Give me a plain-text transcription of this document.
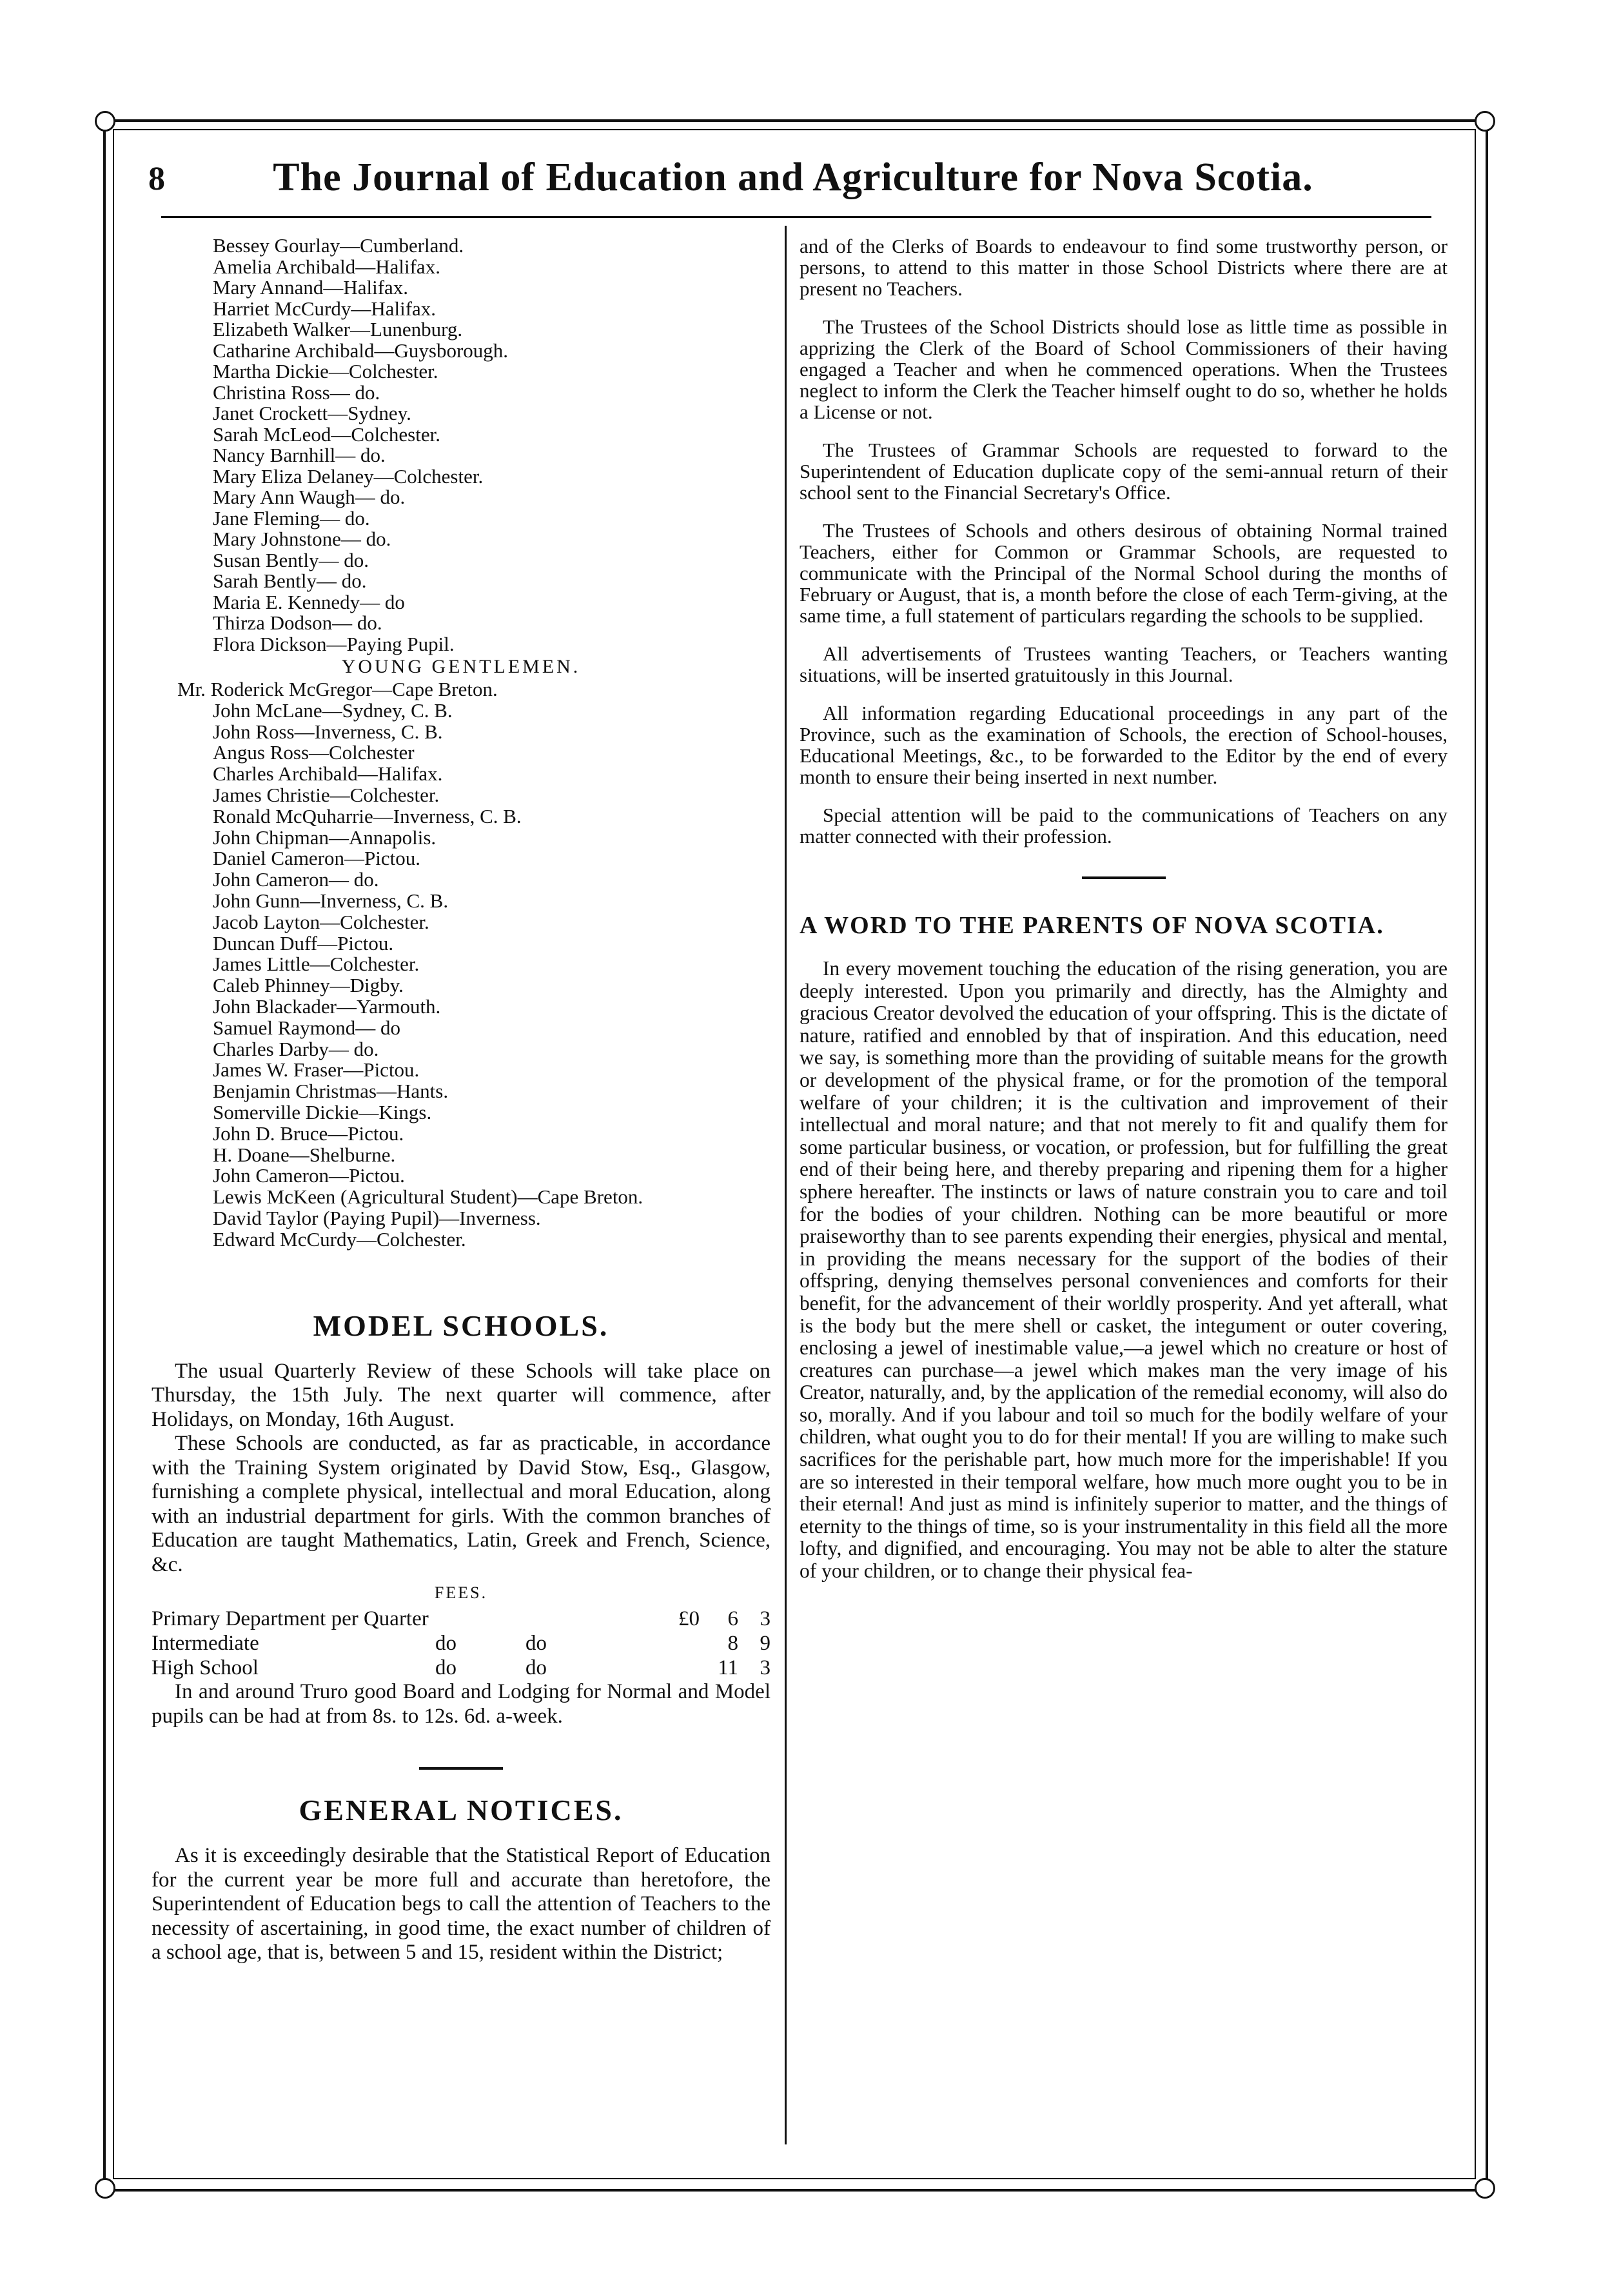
8	The Journal of Education and Agriculture for Nova Scotia.
Bessey Gourlay—Cumberland.
Amelia Archibald—Halifax.
Mary Annand—Halifax.
Harriet McCurdy—Halifax.
Elizabeth Walker—Lunenburg.
Catharine Archibald—Guysborough.
Martha Dickie—Colchester.
Christina Ross— do.
Janet Crockett—Sydney.
Sarah McLeod—Colchester.
Nancy Barnhill— do.
Mary Eliza Delaney—Colchester.
Mary Ann Waugh— do.
Jane Fleming— do.
Mary Johnstone— do.
Susan Bently— do.
Sarah Bently— do.
Maria E. Kennedy— do
Thirza Dodson— do.
Flora Dickson—Paying Pupil.
YOUNG GENTLEMEN.
Mr. Roderick McGregor—Cape Breton.
John McLane—Sydney, C. B.
John Ross—Inverness, C. B.
Angus Ross—Colchester
Charles Archibald—Halifax.
James Christie—Colchester.
Ronald McQuharrie—Inverness, C. B.
John Chipman—Annapolis.
Daniel Cameron—Pictou.
John Cameron— do.
John Gunn—Inverness, C. B.
Jacob Layton—Colchester.
Duncan Duff—Pictou.
James Little—Colchester.
Caleb Phinney—Digby.
John Blackader—Yarmouth.
Samuel Raymond— do
Charles Darby— do.
James W. Fraser—Pictou.
Benjamin Christmas—Hants.
Somerville Dickie—Kings.
John D. Bruce—Pictou.
H. Doane—Shelburne.
John Cameron—Pictou.
Lewis McKeen (Agricultural Student)—Cape Breton.
David Taylor (Paying Pupil)—Inverness.
Edward McCurdy—Colchester.
MODEL SCHOOLS.

The usual Quarterly Review of these Schools will take place on Thursday, the 15th July. The next quarter will commence, after Holidays, on Monday, 16th August.

These Schools are conducted, as far as practicable, in accordance with the Training System originated by David Stow, Esq., Glasgow, furnishing a complete physical, intellectual and moral Education, along with an industrial department for girls. With the common branches of Education are taught Mathematics, Latin, Greek and French, Science, &c.

FEES.
Primary Department per Quarter			£0	6	3
Intermediate	do	do		8	9
High School	do	do		11	3

In and around Truro good Board and Lodging for Normal and Model pupils can be had at from 8s. to 12s. 6d. a-week.

GENERAL NOTICES.

As it is exceedingly desirable that the Statistical Report of Education for the current year be more full and accurate than heretofore, the Superintendent of Education begs to call the attention of Teachers to the necessity of ascertaining, in good time, the exact number of children of a school age, that is, between 5 and 15, resident within the District;

and of the Clerks of Boards to endeavour to find some trustworthy person, or persons, to attend to this matter in those School Districts where there are at present no Teachers.

The Trustees of the School Districts should lose as little time as possible in apprizing the Clerk of the Board of School Commissioners of their having engaged a Teacher and when he commenced operations. When the Trustees neglect to inform the Clerk the Teacher himself ought to do so, whether he holds a License or not.

The Trustees of Grammar Schools are requested to forward to the Superintendent of Education duplicate copy of the semi-annual return of their school sent to the Financial Secretary's Office.

The Trustees of Schools and others desirous of obtaining Normal trained Teachers, either for Common or Grammar Schools, are requested to communicate with the Principal of the Normal School during the months of February or August, that is, a month before the close of each Term-giving, at the same time, a full statement of particulars regarding the schools to be supplied.

All advertisements of Trustees wanting Teachers, or Teachers wanting situations, will be inserted gratuitously in this Journal.

All information regarding Educational proceedings in any part of the Province, such as the examination of Schools, the erection of School-houses, Educational Meetings, &c., to be forwarded to the Editor by the end of every month to ensure their being inserted in next number.

Special attention will be paid to the communications of Teachers on any matter connected with their profession.

A WORD TO THE PARENTS OF NOVA SCOTIA.

In every movement touching the education of the rising generation, you are deeply interested. Upon you primarily and directly, has the Almighty and gracious Creator devolved the education of your offspring. This is the dictate of nature, ratified and ennobled by that of inspiration. And this education, need we say, is something more than the providing of suitable means for the growth or development of the physical frame, or for the promotion of the temporal welfare of your children; it is the cultivation and improvement of their intellectual and moral nature; and that not merely to fit and qualify them for some particular business, or vocation, or profession, but for fulfilling the great end of their being here, and thereby preparing and ripening them for a higher sphere hereafter. The instincts or laws of nature constrain you to care and toil for the bodies of your children. Nothing can be more beautiful or more praiseworthy than to see parents expending their energies, physical and mental, in providing the means necessary for the support of the bodies of their offspring, denying themselves personal conveniences and comforts for their benefit, for the advancement of their worldly prosperity. And yet afterall, what is the body but the mere shell or casket, the integument or outer covering, enclosing a jewel of inestimable value,—a jewel which no creature or host of creatures can purchase—a jewel which makes man the very image of his Creator, naturally, and, by the application of the remedial economy, will also do so, morally. And if you labour and toil so much for the bodily welfare of your children, what ought you to do for their mental! If you are willing to make such sacrifices for the perishable part, how much more for the imperishable! If you are so interested in their temporal welfare, how much more ought you to be in their eternal! And just as mind is infinitely superior to matter, and the things of eternity to the things of time, so is your instrumentality in this field all the more lofty, and dignified, and encouraging. You may not be able to alter the stature of your children, or to change their physical fea-
